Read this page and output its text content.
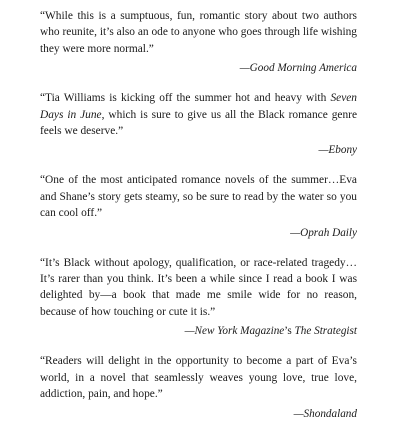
“While this is a sumptuous, fun, romantic story about two authors who reunite, it’s also an ode to anyone who goes through life wishing they were more normal.”

—Good Morning America

“Tia Williams is kicking off the summer hot and heavy with Seven Days in June, which is sure to give us all the Black romance genre feels we deserve.”

—Ebony

“One of the most anticipated romance novels of the summer…Eva and Shane’s story gets steamy, so be sure to read by the water so you can cool off.”

—Oprah Daily

“It’s Black without apology, qualification, or race-related tragedy…It’s rarer than you think. It’s been a while since I read a book I was delighted by—a book that made me smile wide for no reason, because of how touching or cute it is.”

—New York Magazine’s The Strategist

“Readers will delight in the opportunity to become a part of Eva’s world, in a novel that seamlessly weaves young love, true love, addiction, pain, and hope.”

—Shondaland
